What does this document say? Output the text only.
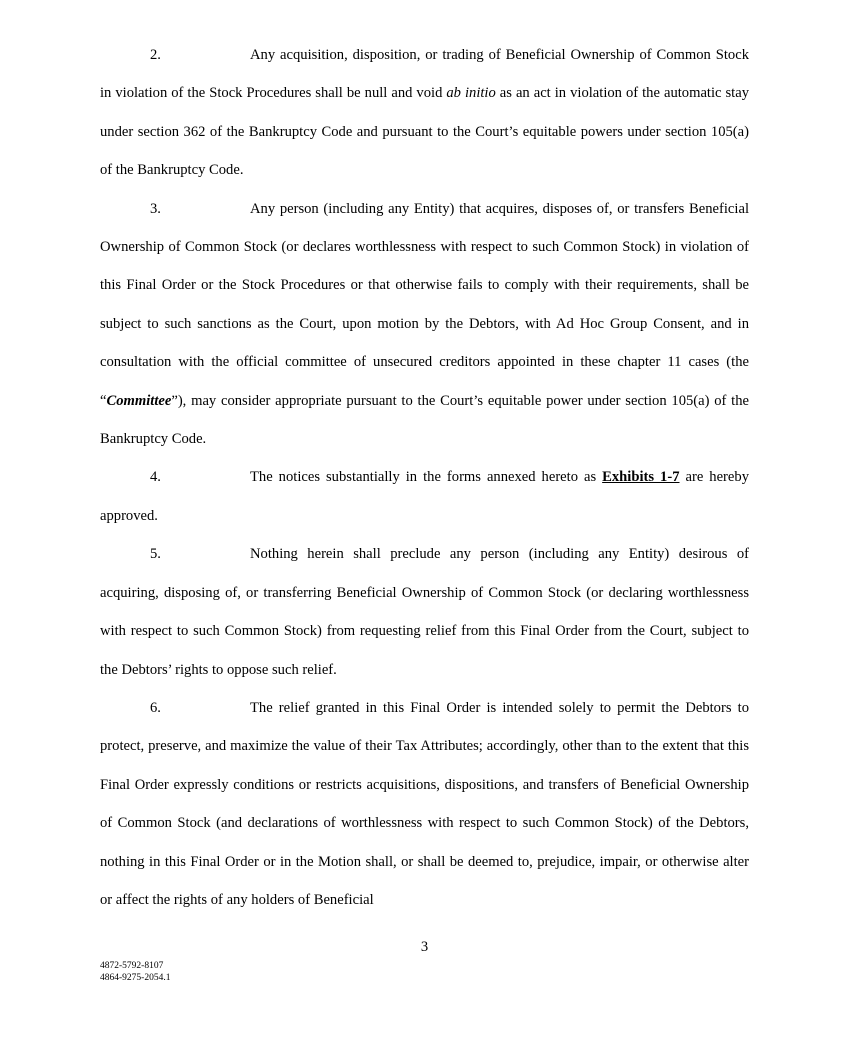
2.	Any acquisition, disposition, or trading of Beneficial Ownership of Common Stock in violation of the Stock Procedures shall be null and void ab initio as an act in violation of the automatic stay under section 362 of the Bankruptcy Code and pursuant to the Court’s equitable powers under section 105(a) of the Bankruptcy Code.

3.	Any person (including any Entity) that acquires, disposes of, or transfers Beneficial Ownership of Common Stock (or declares worthlessness with respect to such Common Stock) in violation of this Final Order or the Stock Procedures or that otherwise fails to comply with their requirements, shall be subject to such sanctions as the Court, upon motion by the Debtors, with Ad Hoc Group Consent, and in consultation with the official committee of unsecured creditors appointed in these chapter 11 cases (the “Committee”), may consider appropriate pursuant to the Court’s equitable power under section 105(a) of the Bankruptcy Code.

4.	The notices substantially in the forms annexed hereto as Exhibits 1-7 are hereby approved.

5.	Nothing herein shall preclude any person (including any Entity) desirous of acquiring, disposing of, or transferring Beneficial Ownership of Common Stock (or declaring worthlessness with respect to such Common Stock) from requesting relief from this Final Order from the Court, subject to the Debtors’ rights to oppose such relief.

6.	The relief granted in this Final Order is intended solely to permit the Debtors to protect, preserve, and maximize the value of their Tax Attributes; accordingly, other than to the extent that this Final Order expressly conditions or restricts acquisitions, dispositions, and transfers of Beneficial Ownership of Common Stock (and declarations of worthlessness with respect to such Common Stock) of the Debtors, nothing in this Final Order or in the Motion shall, or shall be deemed to, prejudice, impair, or otherwise alter or affect the rights of any holders of Beneficial

3
4872-5792-8107
4864-9275-2054.1
